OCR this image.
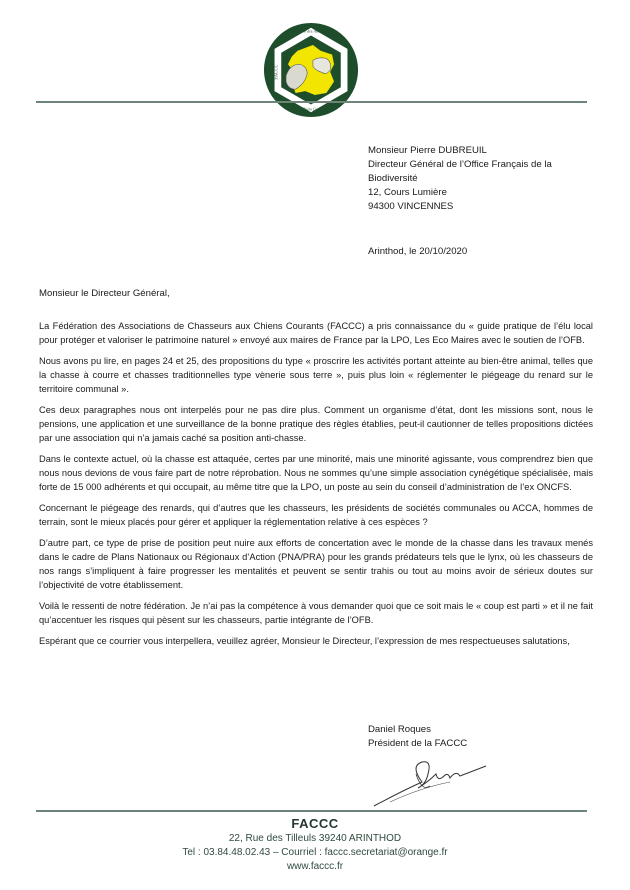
Fédération des Associations
FACCC
aux Chiens Courants
Monsieur Pierre DUBREUIL
Directeur Général de l’Office Français de la
Biodiversité
12, Cours Lumière
94300 VINCENNES
Arinthod, le 20/10/2020
Monsieur le Directeur Général,

La Fédération des Associations de Chasseurs aux Chiens Courants (FACCC) a pris connaissance du « guide pratique de l’élu local pour protéger et valoriser le patrimoine naturel » envoyé aux maires de France par la LPO, Les Eco Maires avec le soutien de l’OFB.

Nous avons pu lire, en pages 24 et 25, des propositions du type « proscrire les activités portant atteinte au bien-être animal, telles que la chasse à courre et chasses traditionnelles type vènerie sous terre », puis plus loin « réglementer le piégeage du renard sur le territoire communal ».

Ces deux paragraphes nous ont interpelés pour ne pas dire plus. Comment un organisme d’état, dont les missions sont, nous le pensions, une application et une surveillance de la bonne pratique des règles établies, peut-il cautionner de telles propositions dictées par une association qui n’a jamais caché sa position anti-chasse.

Dans le contexte actuel, où la chasse est attaquée, certes par une minorité, mais une minorité agissante, vous comprendrez bien que nous nous devions de vous faire part de notre réprobation. Nous ne sommes qu’une simple association cynégétique spécialisée, mais forte de 15 000 adhérents et qui occupait, au même titre que la LPO, un poste au sein du conseil d’administration de l’ex ONCFS.

Concernant le piégeage des renards, qui d’autres que les chasseurs, les présidents de sociétés communales ou ACCA, hommes de terrain, sont le mieux placés pour gérer et appliquer la réglementation relative à ces espèces ?

D’autre part, ce type de prise de position peut nuire aux efforts de concertation avec le monde de la chasse dans les travaux menés dans le cadre de Plans Nationaux ou Régionaux d’Action (PNA/PRA) pour les grands prédateurs tels que le lynx, où les chasseurs de nos rangs s’impliquent à faire progresser les mentalités et peuvent se sentir trahis ou tout au moins avoir de sérieux doutes sur l’objectivité de votre établissement.

Voilà le ressenti de notre fédération. Je n’ai pas la compétence à vous demander quoi que ce soit mais le « coup est parti » et il ne fait qu’accentuer les risques qui pèsent sur les chasseurs, partie intégrante de l’OFB.

Espérant que ce courrier vous interpellera, veuillez agréer, Monsieur le Directeur, l’expression de mes respectueuses salutations,

Daniel Roques
Président de la FACCC
FACCC
22, Rue des Tilleuls 39240 ARINTHOD
Tel : 03.84.48.02.43 – Courriel : faccc.secretariat@orange.fr
www.faccc.fr
